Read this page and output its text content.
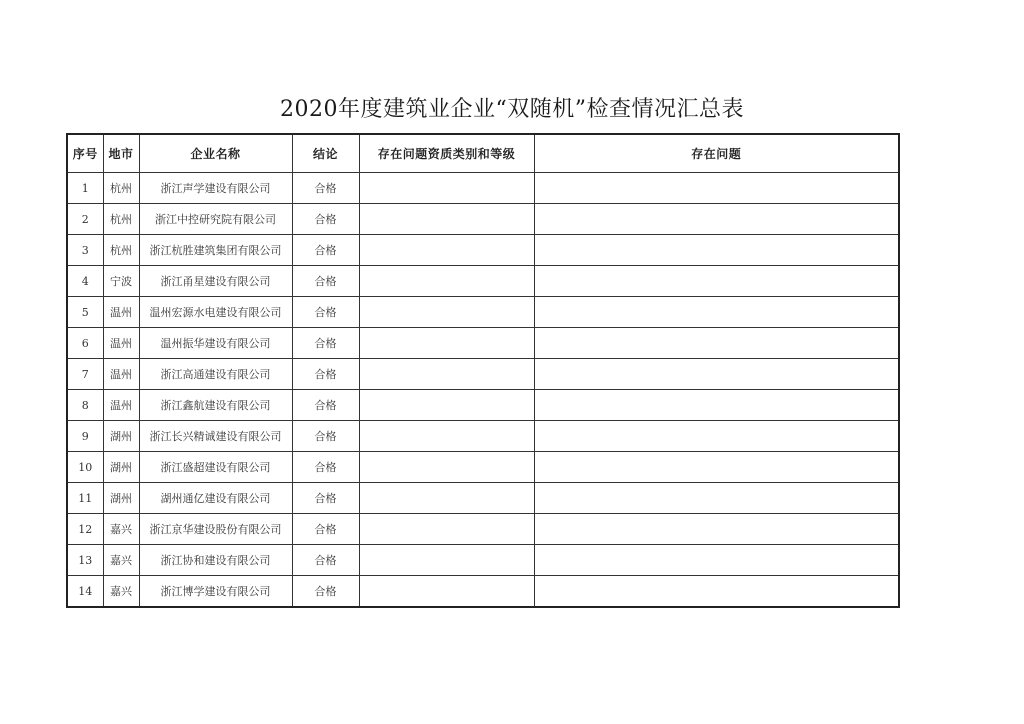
2020年度建筑业企业“双随机”检查情况汇总表
序号	地市	企业名称	结论	存在问题资质类别和等级	存在问题
1	杭州	浙江声学建设有限公司	合格		
2	杭州	浙江中控研究院有限公司	合格		
3	杭州	浙江杭胜建筑集团有限公司	合格		
4	宁波	浙江甬星建设有限公司	合格		
5	温州	温州宏源水电建设有限公司	合格		
6	温州	温州振华建设有限公司	合格		
7	温州	浙江高通建设有限公司	合格		
8	温州	浙江鑫航建设有限公司	合格		
9	湖州	浙江长兴精诚建设有限公司	合格		
10	湖州	浙江盛超建设有限公司	合格		
11	湖州	湖州通亿建设有限公司	合格		
12	嘉兴	浙江京华建设股份有限公司	合格		
13	嘉兴	浙江协和建设有限公司	合格		
14	嘉兴	浙江博学建设有限公司	合格		
